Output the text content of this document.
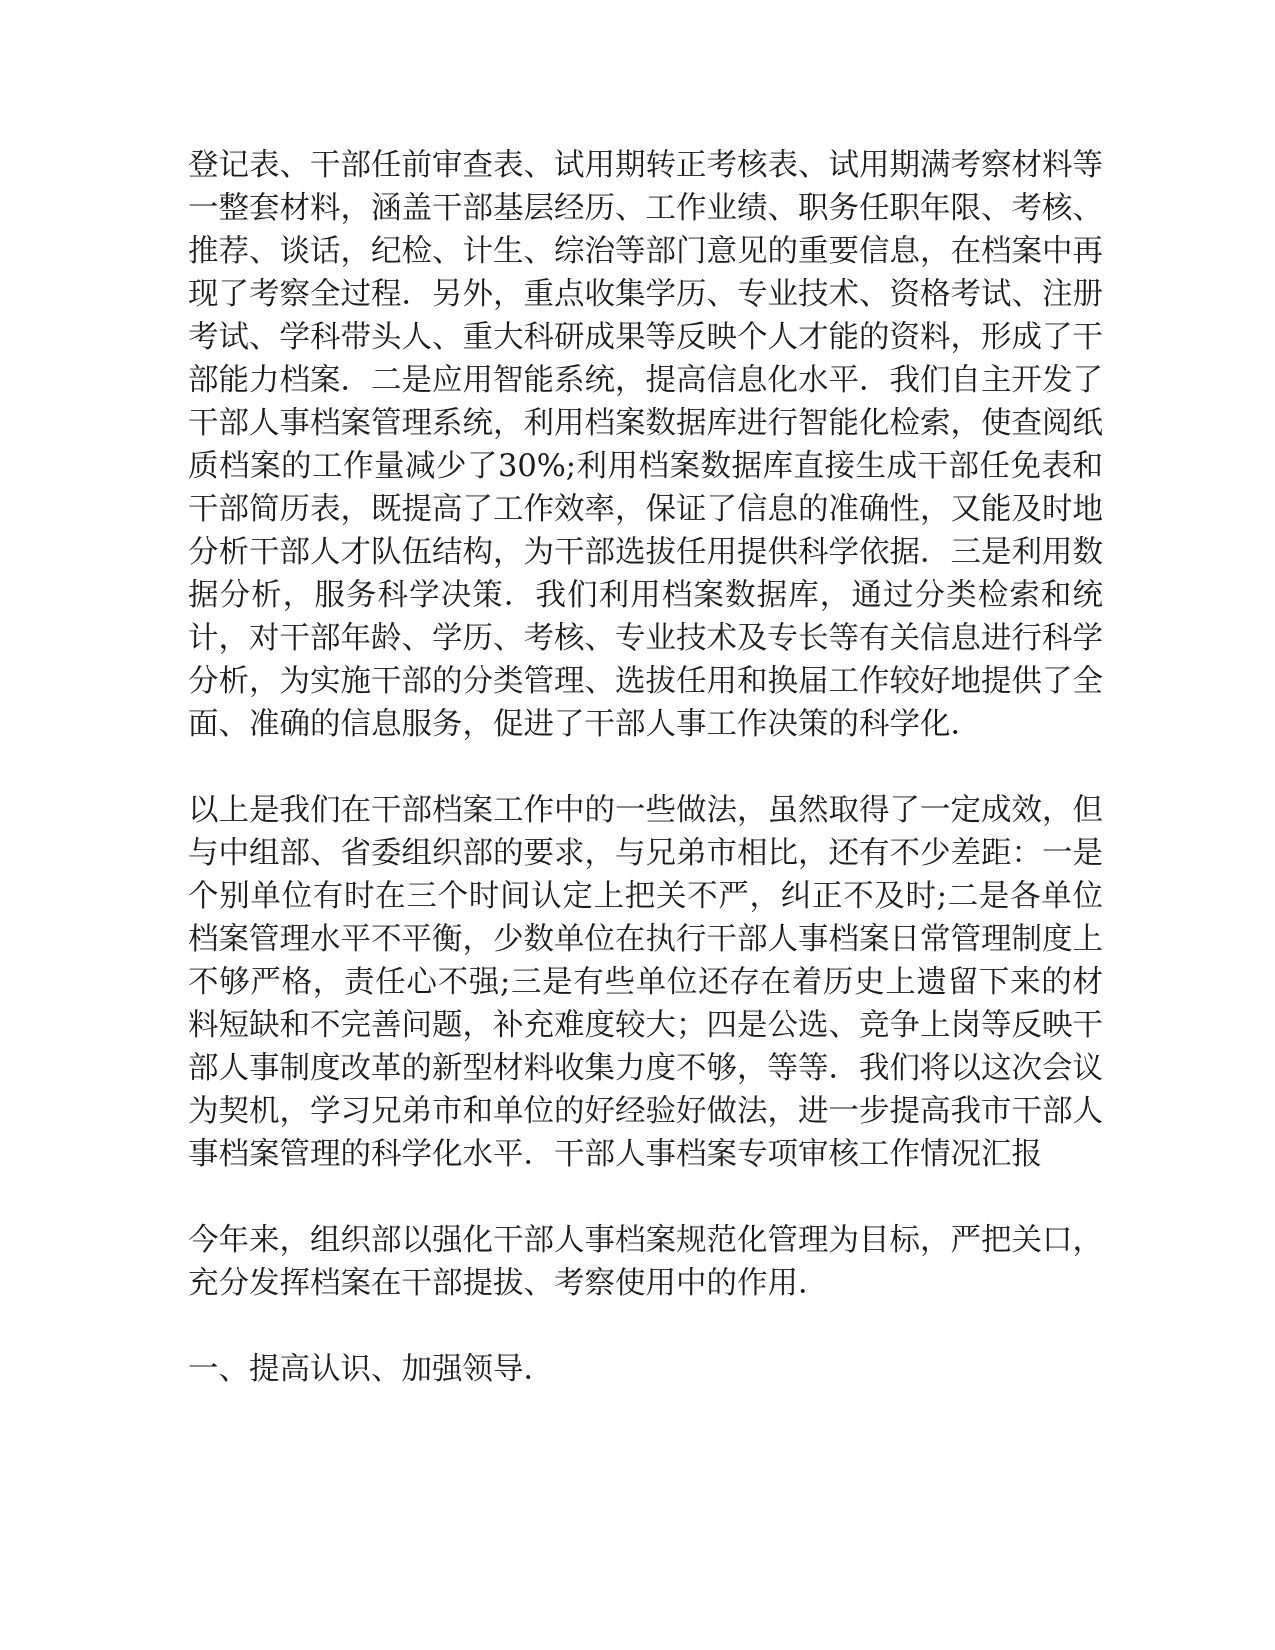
登记表、干部任前审查表、试用期转正考核表、试用期满考察材料等一整套材料，涵盖干部基层经历、工作业绩、职务任职年限、考核、推荐、谈话，纪检、计生、综治等部门意见的重要信息，在档案中再现了考察全过程．另外，重点收集学历、专业技术、资格考试、注册考试、学科带头人、重大科研成果等反映个人才能的资料，形成了干部能力档案．二是应用智能系统，提高信息化水平．我们自主开发了干部人事档案管理系统，利用档案数据库进行智能化检索，使查阅纸质档案的工作量减少了30%;利用档案数据库直接生成干部任免表和干部简历表，既提高了工作效率，保证了信息的准确性，又能及时地分析干部人才队伍结构，为干部选拔任用提供科学依据．三是利用数据分析，服务科学决策．我们利用档案数据库，通过分类检索和统计，对干部年龄、学历、考核、专业技术及专长等有关信息进行科学分析，为实施干部的分类管理、选拔任用和换届工作较好地提供了全面、准确的信息服务，促进了干部人事工作决策的科学化．

以上是我们在干部档案工作中的一些做法，虽然取得了一定成效，但与中组部、省委组织部的要求，与兄弟市相比，还有不少差距：一是个别单位有时在三个时间认定上把关不严，纠正不及时;二是各单位档案管理水平不平衡，少数单位在执行干部人事档案日常管理制度上不够严格，责任心不强;三是有些单位还存在着历史上遗留下来的材料短缺和不完善问题，补充难度较大；四是公选、竞争上岗等反映干部人事制度改革的新型材料收集力度不够，等等．我们将以这次会议为契机，学习兄弟市和单位的好经验好做法，进一步提高我市干部人事档案管理的科学化水平．干部人事档案专项审核工作情况汇报

今年来，组织部以强化干部人事档案规范化管理为目标，严把关口，充分发挥档案在干部提拔、考察使用中的作用．

一、提高认识、加强领导．
